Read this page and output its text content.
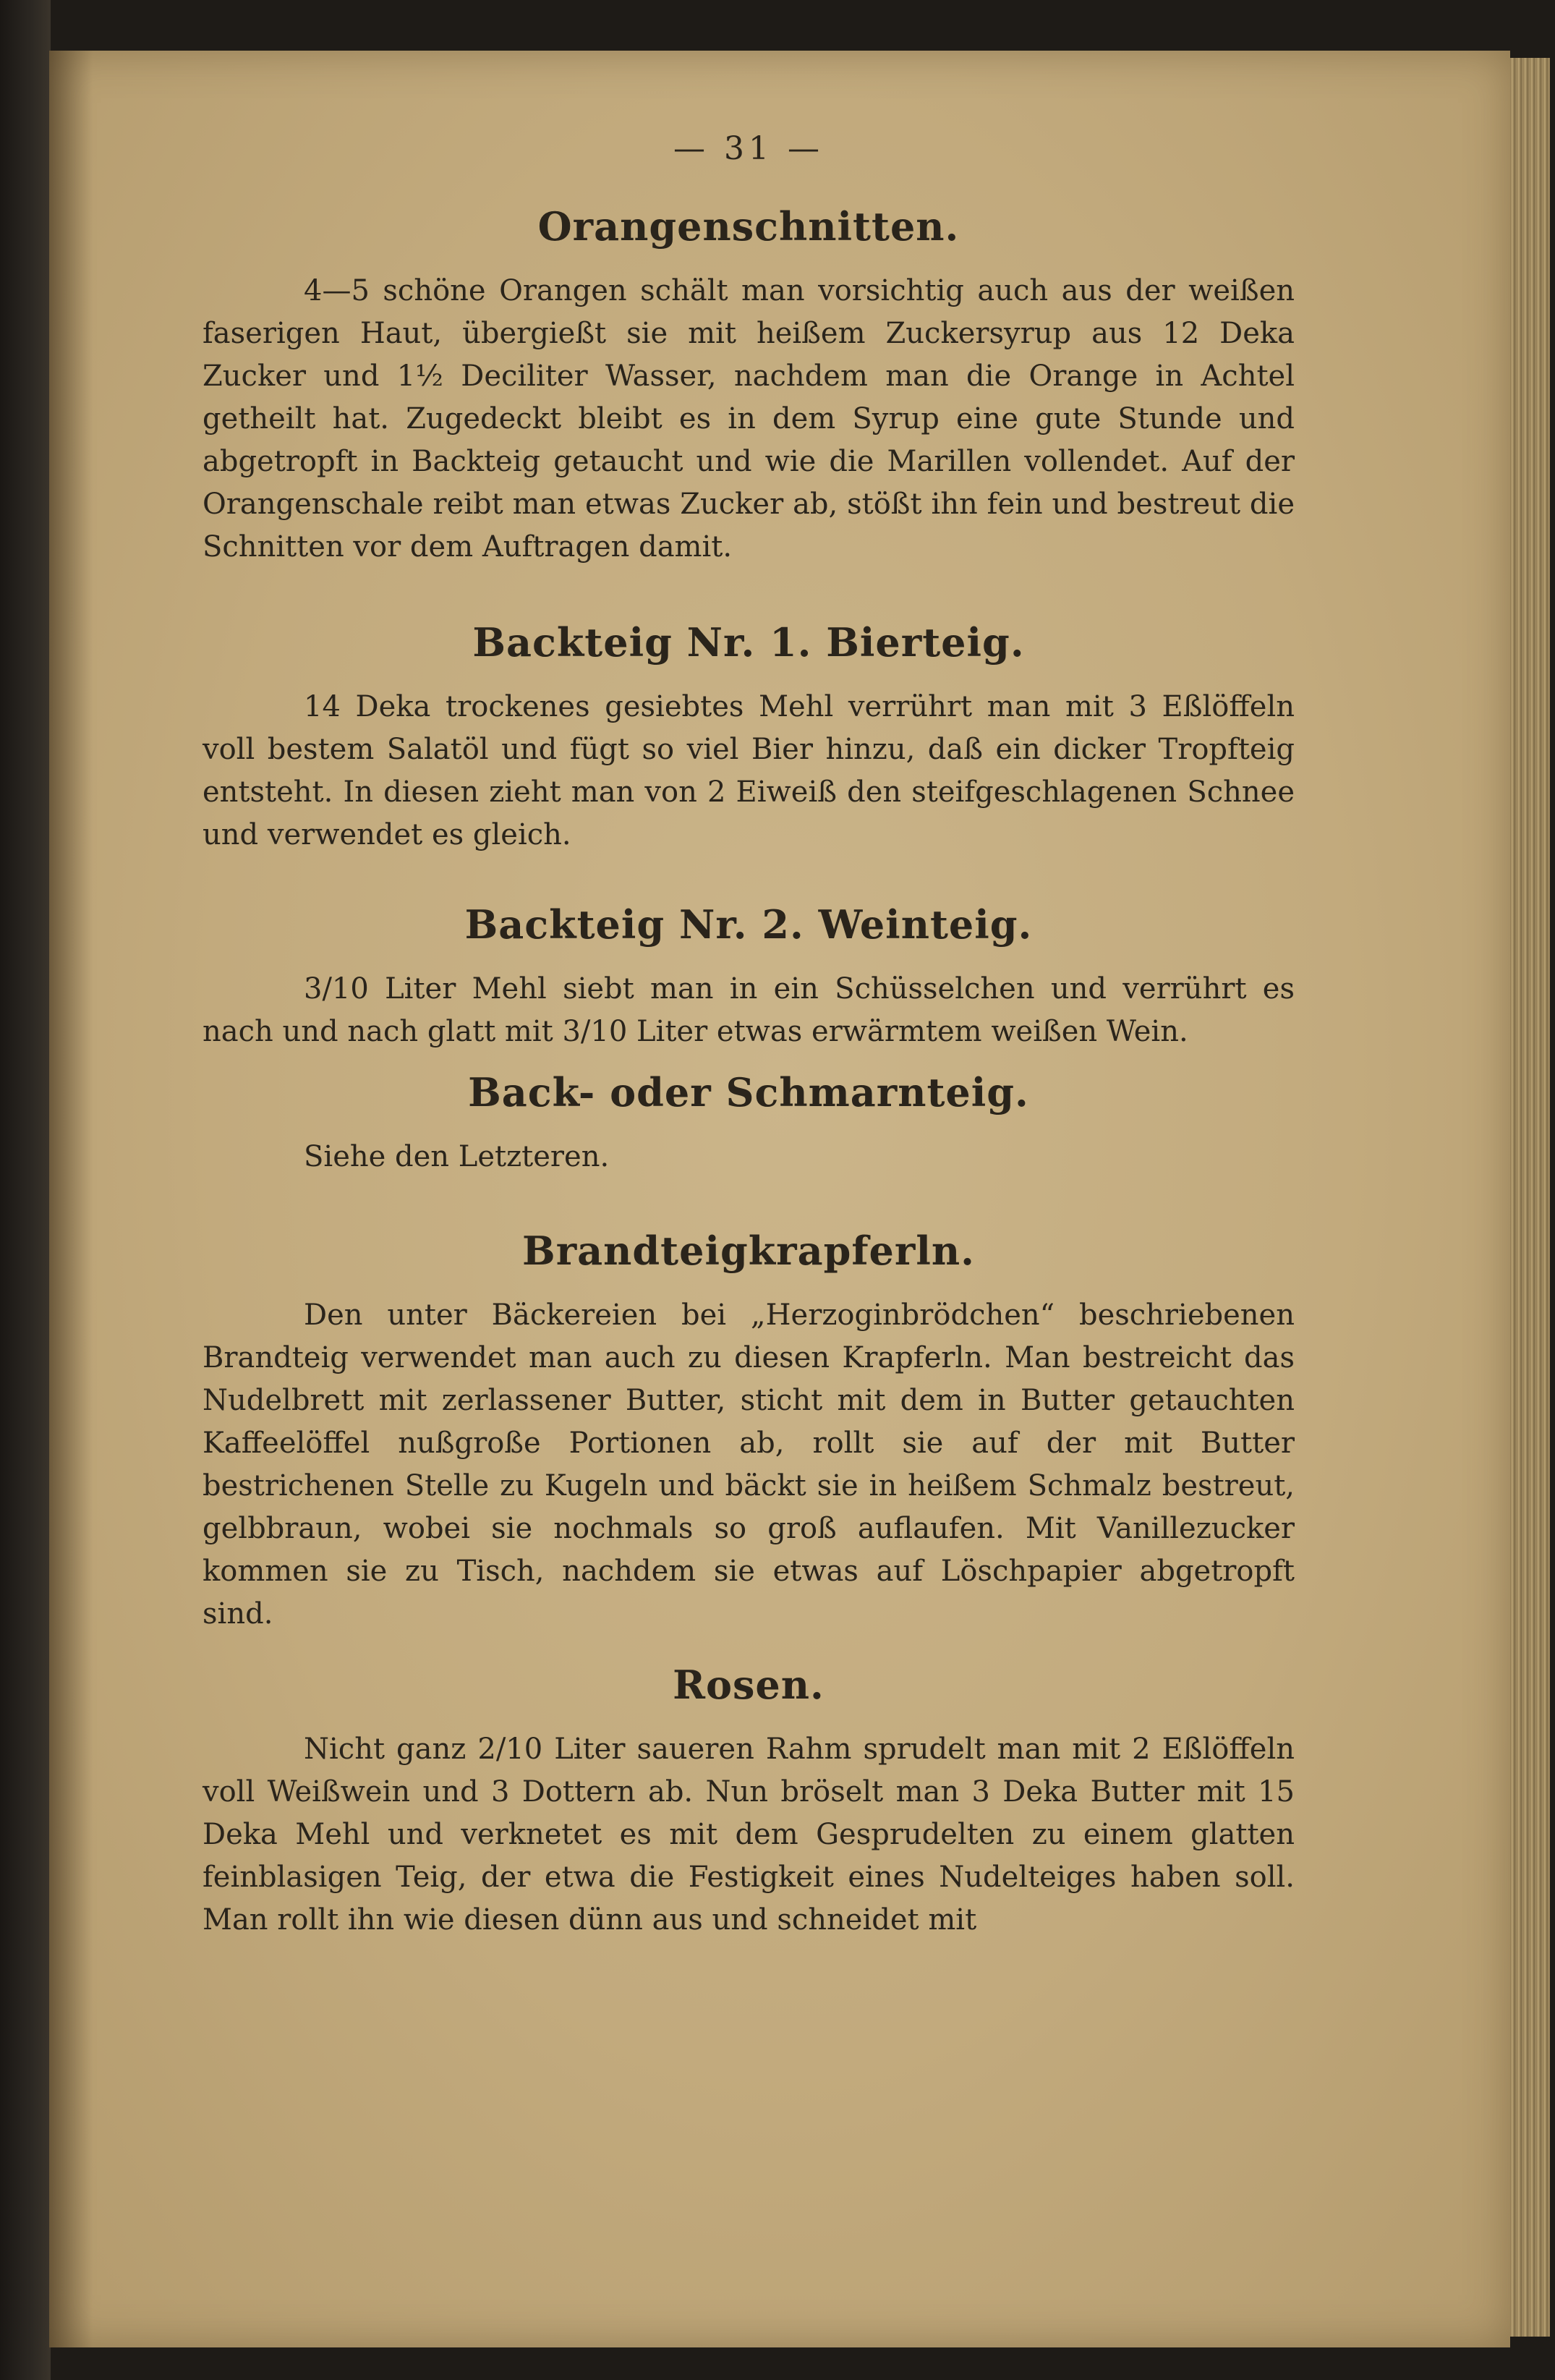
— 31 —
Orangenschnitten.

4—5 schöne Orangen schält man vorsichtig auch aus der weißen faserigen Haut, übergießt sie mit heißem Zuckersyrup aus 12 Deka Zucker und 1½ Deciliter Wasser, nachdem man die Orange in Achtel getheilt hat. Zugedeckt bleibt es in dem Syrup eine gute Stunde und abgetropft in Backteig getaucht und wie die Marillen vollendet. Auf der Orangenschale reibt man etwas Zucker ab, stößt ihn fein und bestreut die Schnitten vor dem Auftragen damit.

Backteig Nr. 1. Bierteig.

14 Deka trockenes gesiebtes Mehl verrührt man mit 3 Eßlöffeln voll bestem Salatöl und fügt so viel Bier hinzu, daß ein dicker Tropfteig entsteht. In diesen zieht man von 2 Eiweiß den steifgeschlagenen Schnee und verwendet es gleich.

Backteig Nr. 2. Weinteig.

3/10 Liter Mehl siebt man in ein Schüsselchen und verrührt es nach und nach glatt mit 3/10 Liter etwas erwärmtem weißen Wein.

Back- oder Schmarnteig.

Siehe den Letzteren.

Brandteigkrapferln.

Den unter Bäckereien bei „Herzoginbrödchen“ beschriebenen Brandteig verwendet man auch zu diesen Krapferln. Man bestreicht das Nudelbrett mit zerlassener Butter, sticht mit dem in Butter getauchten Kaffeelöffel nußgroße Portionen ab, rollt sie auf der mit Butter bestrichenen Stelle zu Kugeln und bäckt sie in heißem Schmalz bestreut, gelbbraun, wobei sie nochmals so groß auflaufen. Mit Vanillezucker kommen sie zu Tisch, nachdem sie etwas auf Löschpapier abgetropft sind.

Rosen.

Nicht ganz 2/10 Liter saueren Rahm sprudelt man mit 2 Eßlöffeln voll Weißwein und 3 Dottern ab. Nun bröselt man 3 Deka Butter mit 15 Deka Mehl und verknetet es mit dem Gesprudelten zu einem glatten feinblasigen Teig, der etwa die Festigkeit eines Nudelteiges haben soll. Man rollt ihn wie diesen dünn aus und schneidet mit
